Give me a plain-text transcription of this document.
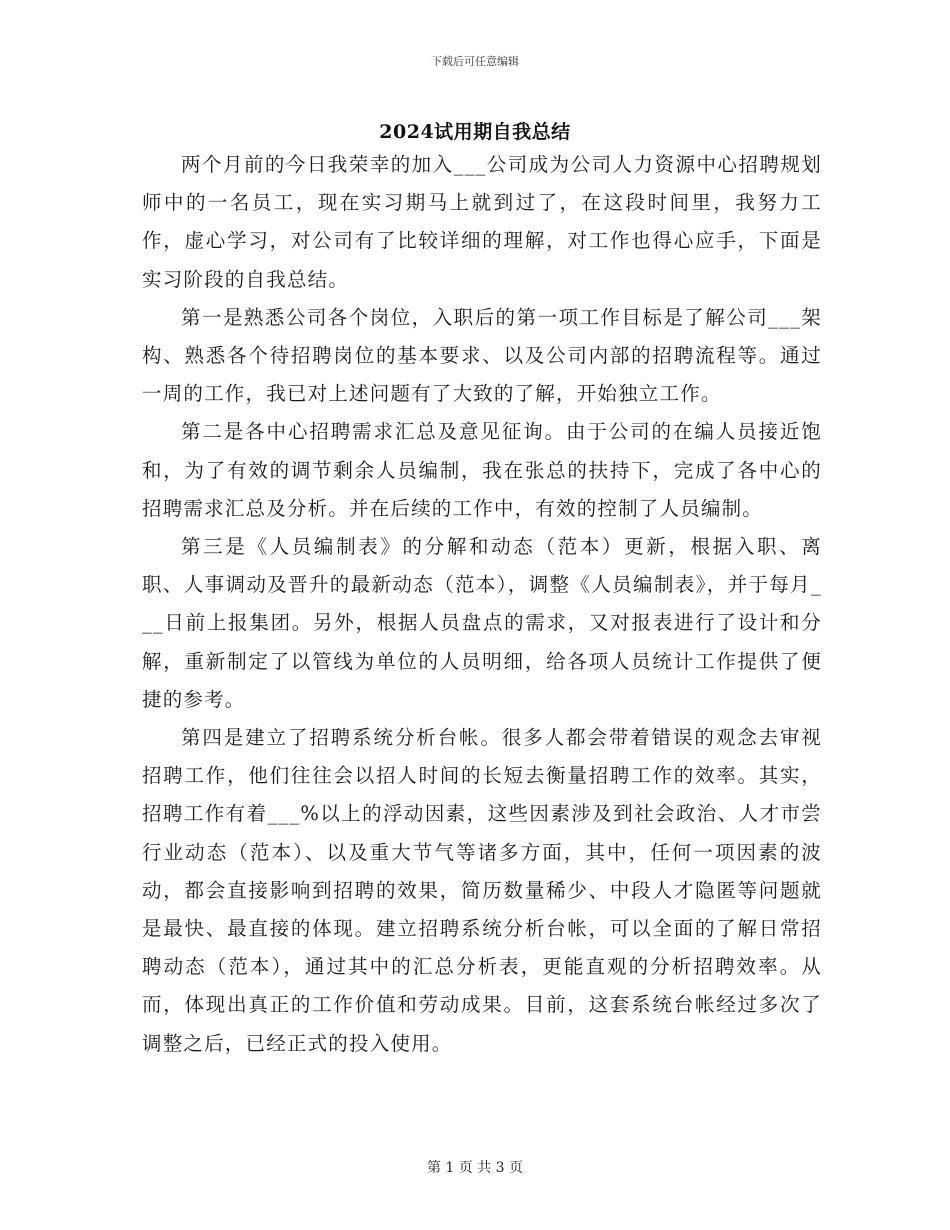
下载后可任意编辑
2024试用期自我总结

两个月前的今日我荣幸的加入___公司成为公司人力资源中心招聘规划师中的一名员工，现在实习期马上就到过了，在这段时间里，我努力工作，虚心学习，对公司有了比较详细的理解，对工作也得心应手，下面是实习阶段的自我总结。

第一是熟悉公司各个岗位，入职后的第一项工作目标是了解公司___架构、熟悉各个待招聘岗位的基本要求、以及公司内部的招聘流程等。通过一周的工作，我已对上述问题有了大致的了解，开始独立工作。

第二是各中心招聘需求汇总及意见征询。由于公司的在编人员接近饱和，为了有效的调节剩余人员编制，我在张总的扶持下，完成了各中心的招聘需求汇总及分析。并在后续的工作中，有效的控制了人员编制。

第三是《人员编制表》的分解和动态（范本）更新，根据入职、离职、人事调动及晋升的最新动态（范本），调整《人员编制表》，并于每月___日前上报集团。另外，根据人员盘点的需求，又对报表进行了设计和分解，重新制定了以管线为单位的人员明细，给各项人员统计工作提供了便捷的参考。

第四是建立了招聘系统分析台帐。很多人都会带着错误的观念去审视招聘工作，他们往往会以招人时间的长短去衡量招聘工作的效率。其实，招聘工作有着___%以上的浮动因素，这些因素涉及到社会政治、人才市尝行业动态（范本）、以及重大节气等诸多方面，其中，任何一项因素的波动，都会直接影响到招聘的效果，简历数量稀少、中段人才隐匿等问题就是最快、最直接的体现。建立招聘系统分析台帐，可以全面的了解日常招聘动态（范本），通过其中的汇总分析表，更能直观的分析招聘效率。从而，体现出真正的工作价值和劳动成果。目前，这套系统台帐经过多次了调整之后，已经正式的投入使用。

第 1 页 共 3 页
